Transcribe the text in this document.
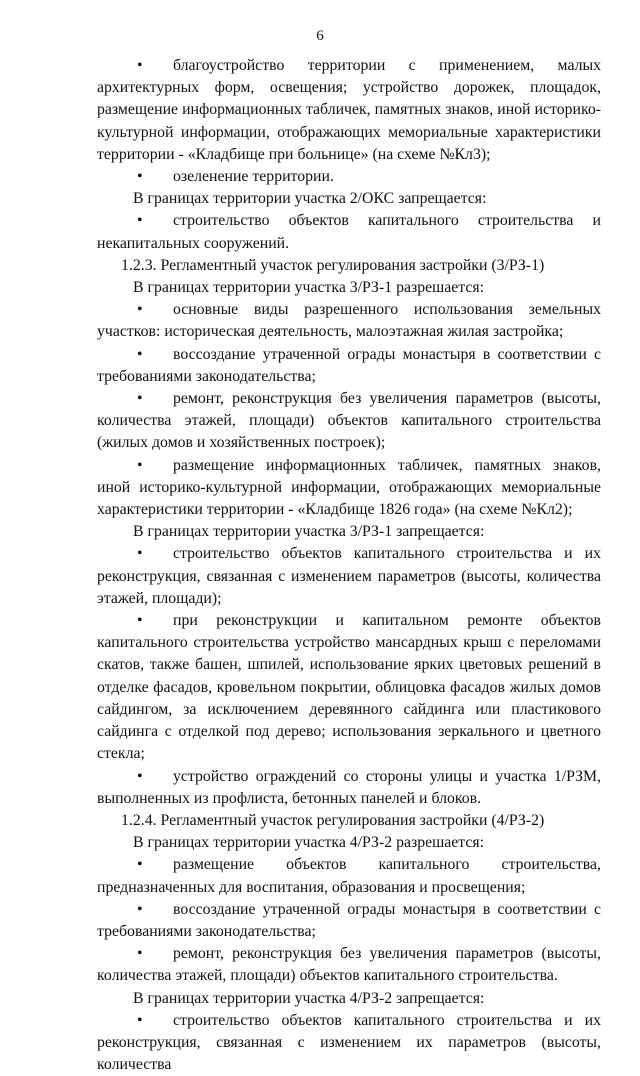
6

• благоустройство территории с применением, малых архитектурных форм, освещения; устройство дорожек, площадок, размещение информационных табличек, памятных знаков, иной историко-культурной информации, отображающих мемориальные характеристики территории - «Кладбище при больнице» (на схеме №Кл3);

• озеленение территории.

В границах территории участка 2/ОКС запрещается:

• строительство объектов капитального строительства и некапитальных сооружений.

1.2.3. Регламентный участок регулирования застройки (3/РЗ-1)

В границах территории участка 3/РЗ-1 разрешается:

• основные виды разрешенного использования земельных участков: историческая деятельность, малоэтажная жилая застройка;

• воссоздание утраченной ограды монастыря в соответствии с требованиями законодательства;

• ремонт, реконструкция без увеличения параметров (высоты, количества этажей, площади) объектов капитального строительства (жилых домов и хозяйственных построек);

• размещение информационных табличек, памятных знаков, иной историко-культурной информации, отображающих мемориальные характеристики территории - «Кладбище 1826 года» (на схеме №Кл2);

В границах территории участка 3/РЗ-1 запрещается:

• строительство объектов капитального строительства и их реконструкция, связанная с изменением параметров (высоты, количества этажей, площади);

• при реконструкции и капитальном ремонте объектов капитального строительства устройство мансардных крыш с переломами скатов, также башен, шпилей, использование ярких цветовых решений в отделке фасадов, кровельном покрытии, облицовка фасадов жилых домов сайдингом, за исключением деревянного сайдинга или пластикового сайдинга с отделкой под дерево; использования зеркального и цветного стекла;

• устройство ограждений со стороны улицы и участка 1/РЗМ, выполненных из профлиста, бетонных панелей и блоков.

1.2.4. Регламентный участок регулирования застройки (4/РЗ-2)

В границах территории участка 4/РЗ-2 разрешается:

• размещение объектов капитального строительства, предназначенных для воспитания, образования и просвещения;

• воссоздание утраченной ограды монастыря в соответствии с требованиями законодательства;

• ремонт, реконструкция без увеличения параметров (высоты, количества этажей, площади) объектов капитального строительства.

В границах территории участка 4/РЗ-2 запрещается:

• строительство объектов капитального строительства и их реконструкция, связанная с изменением их параметров (высоты, количества
